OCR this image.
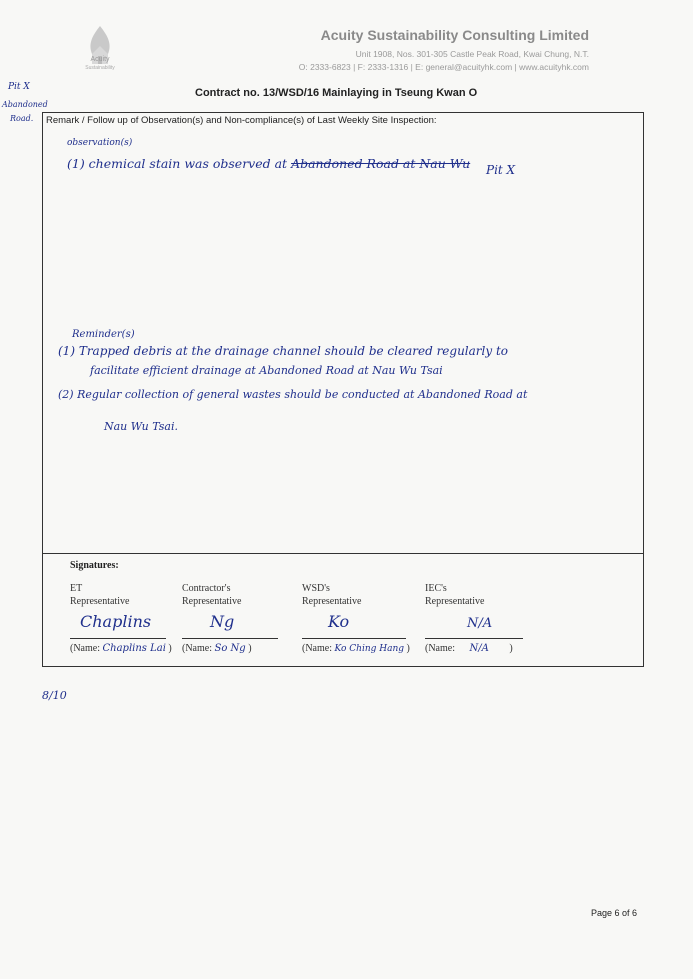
Acuity
Sustainability
Acuity Sustainability Consulting Limited
Unit 1908, Nos. 301-305 Castle Peak Road, Kwai Chung, N.T.
O: 2333-6823 | F: 2333-1316 | E: general@acuityhk.com | www.acuityhk.com
Contract no. 13/WSD/16 Mainlaying in Tseung Kwan O
Pit X
Abandoned
Road. Remark / Follow up of Observation(s) and Non-compliance(s) of Last Weekly Site Inspection:
observation(s)
(1) chemical stain was observed at Abandoned Road at Nau Wu Pit X
Reminder(s)
(1) Trapped debris at the drainage channel should be cleared regularly to
facilitate efficient drainage at Abandoned Road at Nau Wu Tsai
(2) Regular collection of general wastes should be conducted at Abandoned Road at
Nau Wu Tsai.
Signatures:
ET
Representative
Chaplins
(Name: Chaplins Lai )
Contractor's
Representative
Ng
(Name: So Ng )
WSD's
Representative
Ko
(Name: Ko Ching Hang )
IEC's
Representative
N/A
(Name: N/A )
8/10
Page 6 of 6
